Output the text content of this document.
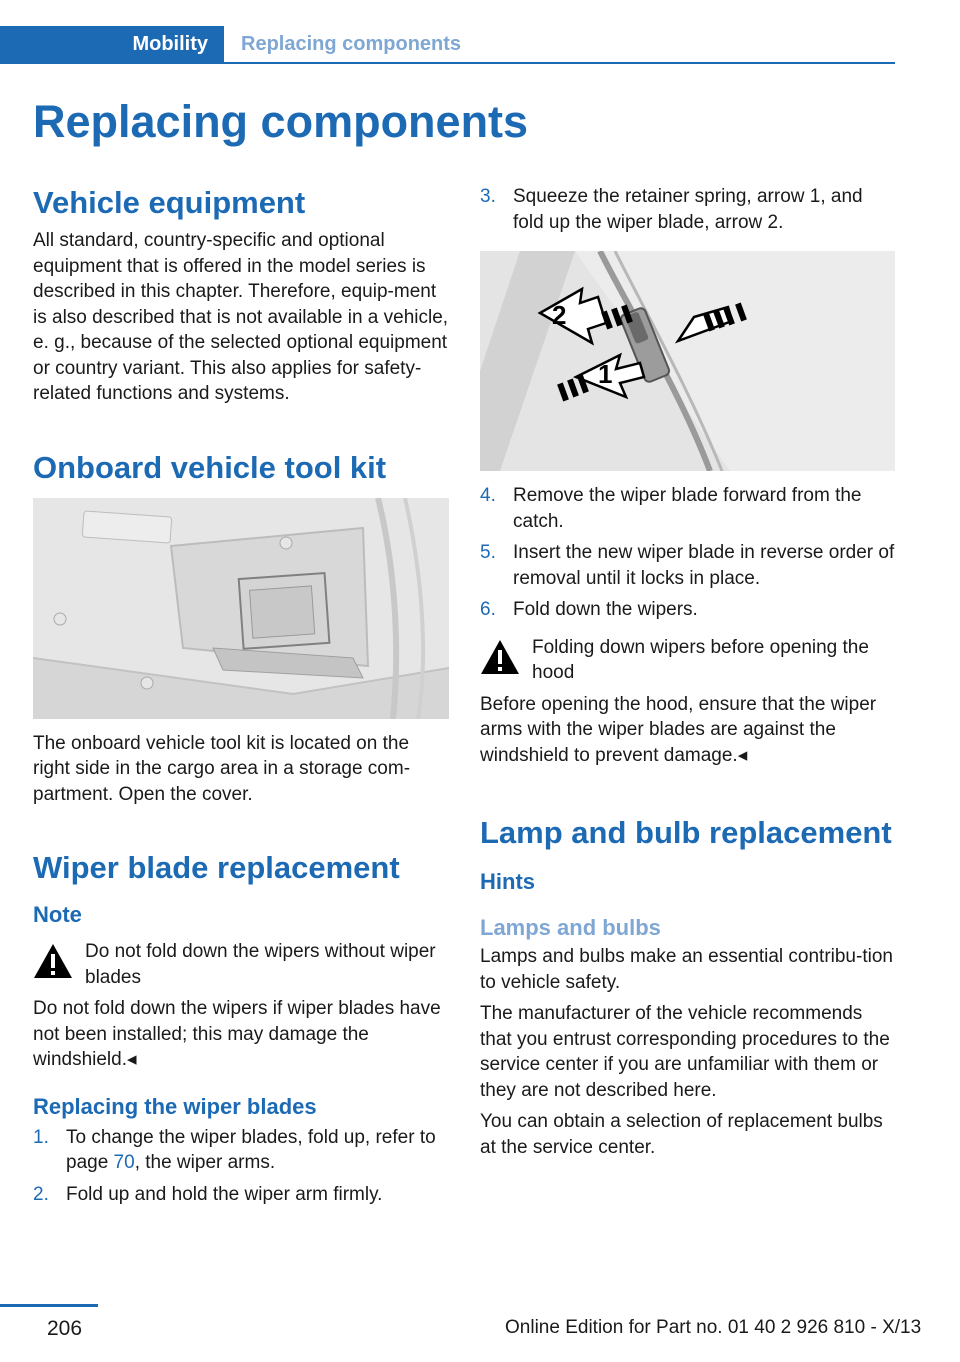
Mobility	Replacing components
Replacing components
Vehicle equipment

All standard, country-specific and optional equipment that is offered in the model series is described in this chapter. Therefore, equip-ment is also described that is not available in a vehicle, e. g., because of the selected optional equipment or country variant. This also applies for safety-related functions and systems.

Onboard vehicle tool kit

The onboard vehicle tool kit is located on the right side in the cargo area in a storage com-partment. Open the cover.

Wiper blade replacement
Note

Do not fold down the wipers without wiper blades

Do not fold down the wipers if wiper blades have not been installed; this may damage the windshield.◂

Replacing the wiper blades
1. To change the wiper blades, fold up, refer to page 70, the wiper arms.
2. Fold up and hold the wiper arm firmly.
3. Squeeze the retainer spring, arrow 1, and fold up the wiper blade, arrow 2.
2
1
4. Remove the wiper blade forward from the catch.
5. Insert the new wiper blade in reverse order of removal until it locks in place.
6. Fold down the wipers.

Folding down wipers before opening the hood

Before opening the hood, ensure that the wiper arms with the wiper blades are against the windshield to prevent damage.◂

Lamp and bulb replacement
Hints
Lamps and bulbs

Lamps and bulbs make an essential contribu-tion to vehicle safety.

The manufacturer of the vehicle recommends that you entrust corresponding procedures to the service center if you are unfamiliar with them or they are not described here.

You can obtain a selection of replacement bulbs at the service center.

206	Online Edition for Part no. 01 40 2 926 810 - X/13
carmanualsonline.info
